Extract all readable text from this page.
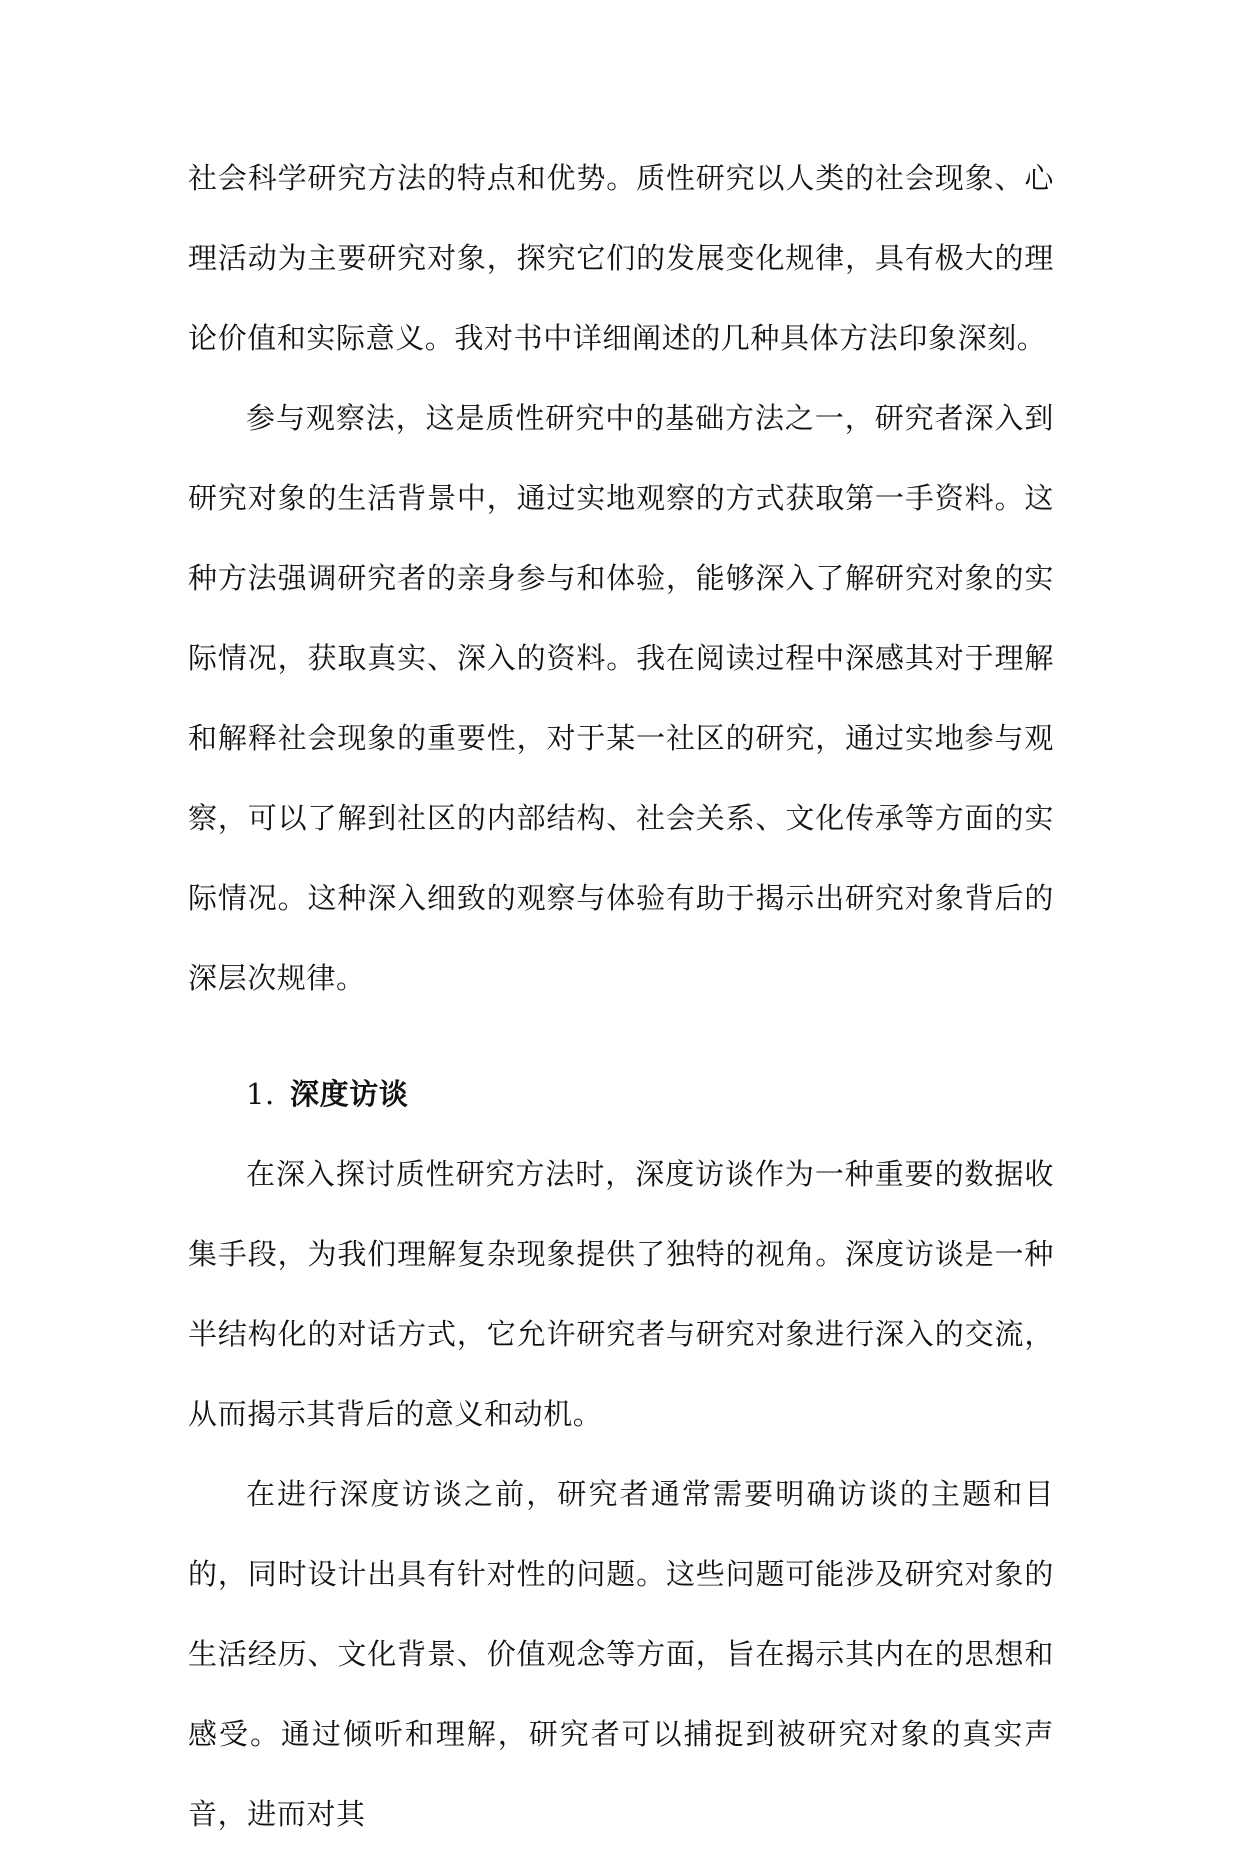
社会科学研究方法的特点和优势。质性研究以人类的社会现象、心理活动为主要研究对象，探究它们的发展变化规律，具有极大的理论价值和实际意义。我对书中详细阐述的几种具体方法印象深刻。

参与观察法，这是质性研究中的基础方法之一，研究者深入到研究对象的生活背景中，通过实地观察的方式获取第一手资料。这种方法强调研究者的亲身参与和体验，能够深入了解研究对象的实际情况，获取真实、深入的资料。我在阅读过程中深感其对于理解和解释社会现象的重要性，对于某一社区的研究，通过实地参与观察，可以了解到社区的内部结构、社会关系、文化传承等方面的实际情况。这种深入细致的观察与体验有助于揭示出研究对象背后的深层次规律。

1. 深度访谈

在深入探讨质性研究方法时，深度访谈作为一种重要的数据收集手段，为我们理解复杂现象提供了独特的视角。深度访谈是一种半结构化的对话方式，它允许研究者与研究对象进行深入的交流，从而揭示其背后的意义和动机。

在进行深度访谈之前，研究者通常需要明确访谈的主题和目的，同时设计出具有针对性的问题。这些问题可能涉及研究对象的生活经历、文化背景、价值观念等方面，旨在揭示其内在的思想和感受。通过倾听和理解，研究者可以捕捉到被研究对象的真实声音，进而对其
